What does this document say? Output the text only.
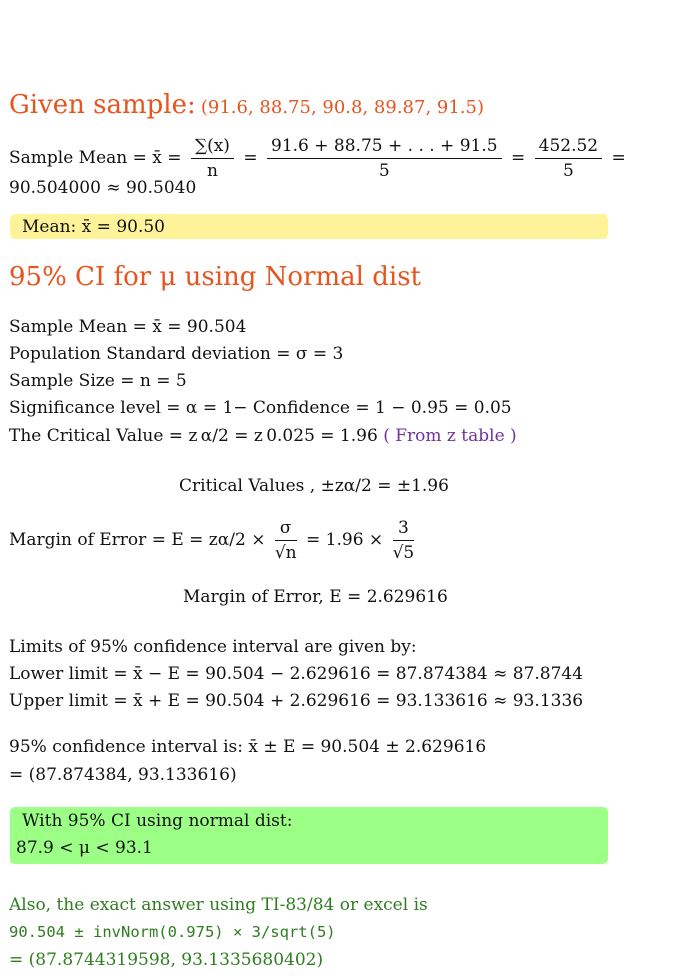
Given sample: (91.6, 88.75, 90.8, 89.87, 91.5)
Sample Mean = x̄ = $\frac{\sum(x)}{n} = \frac{91.6 + 88.75 + . . . + 91.5}{5} = \frac{452.52}{5}$ =
90.504000 ≈ 90.5040
Mean: x̄ = 90.50
95% CI for μ using Normal dist
Sample Mean = x̄ = 90.504
Population Standard deviation = σ = 3
Sample Size = n = 5
Significance level = α = 1− Confidence = 1 − 0.95 = 0.05
The Critical Value = z α/2 = z 0.025 = 1.96 ( From z table )
Critical Values , ±zα/2 = ±1.96
Margin of Error = $E = z\alpha/2 \times \frac{\sigma}{√n} = 1.96 \times \frac{3}{√5}$
Margin of Error, E = 2.629616
Limits of 95% confidence interval are given by:
Lower limit = x̄ − E = 90.504 − 2.629616 = 87.874384 ≈ 87.8744
Upper limit = x̄ + E = 90.504 + 2.629616 = 93.133616 ≈ 93.1336
95% confidence interval is: x̄ ± E = 90.504 ± 2.629616
= (87.874384, 93.133616)
With 95% CI using normal dist:
87.9 < μ < 93.1
Also, the exact answer using TI-83/84 or excel is
90.504 ± invNorm(0.975) × 3/sqrt(5)
= (87.8744319598, 93.1335680402)
